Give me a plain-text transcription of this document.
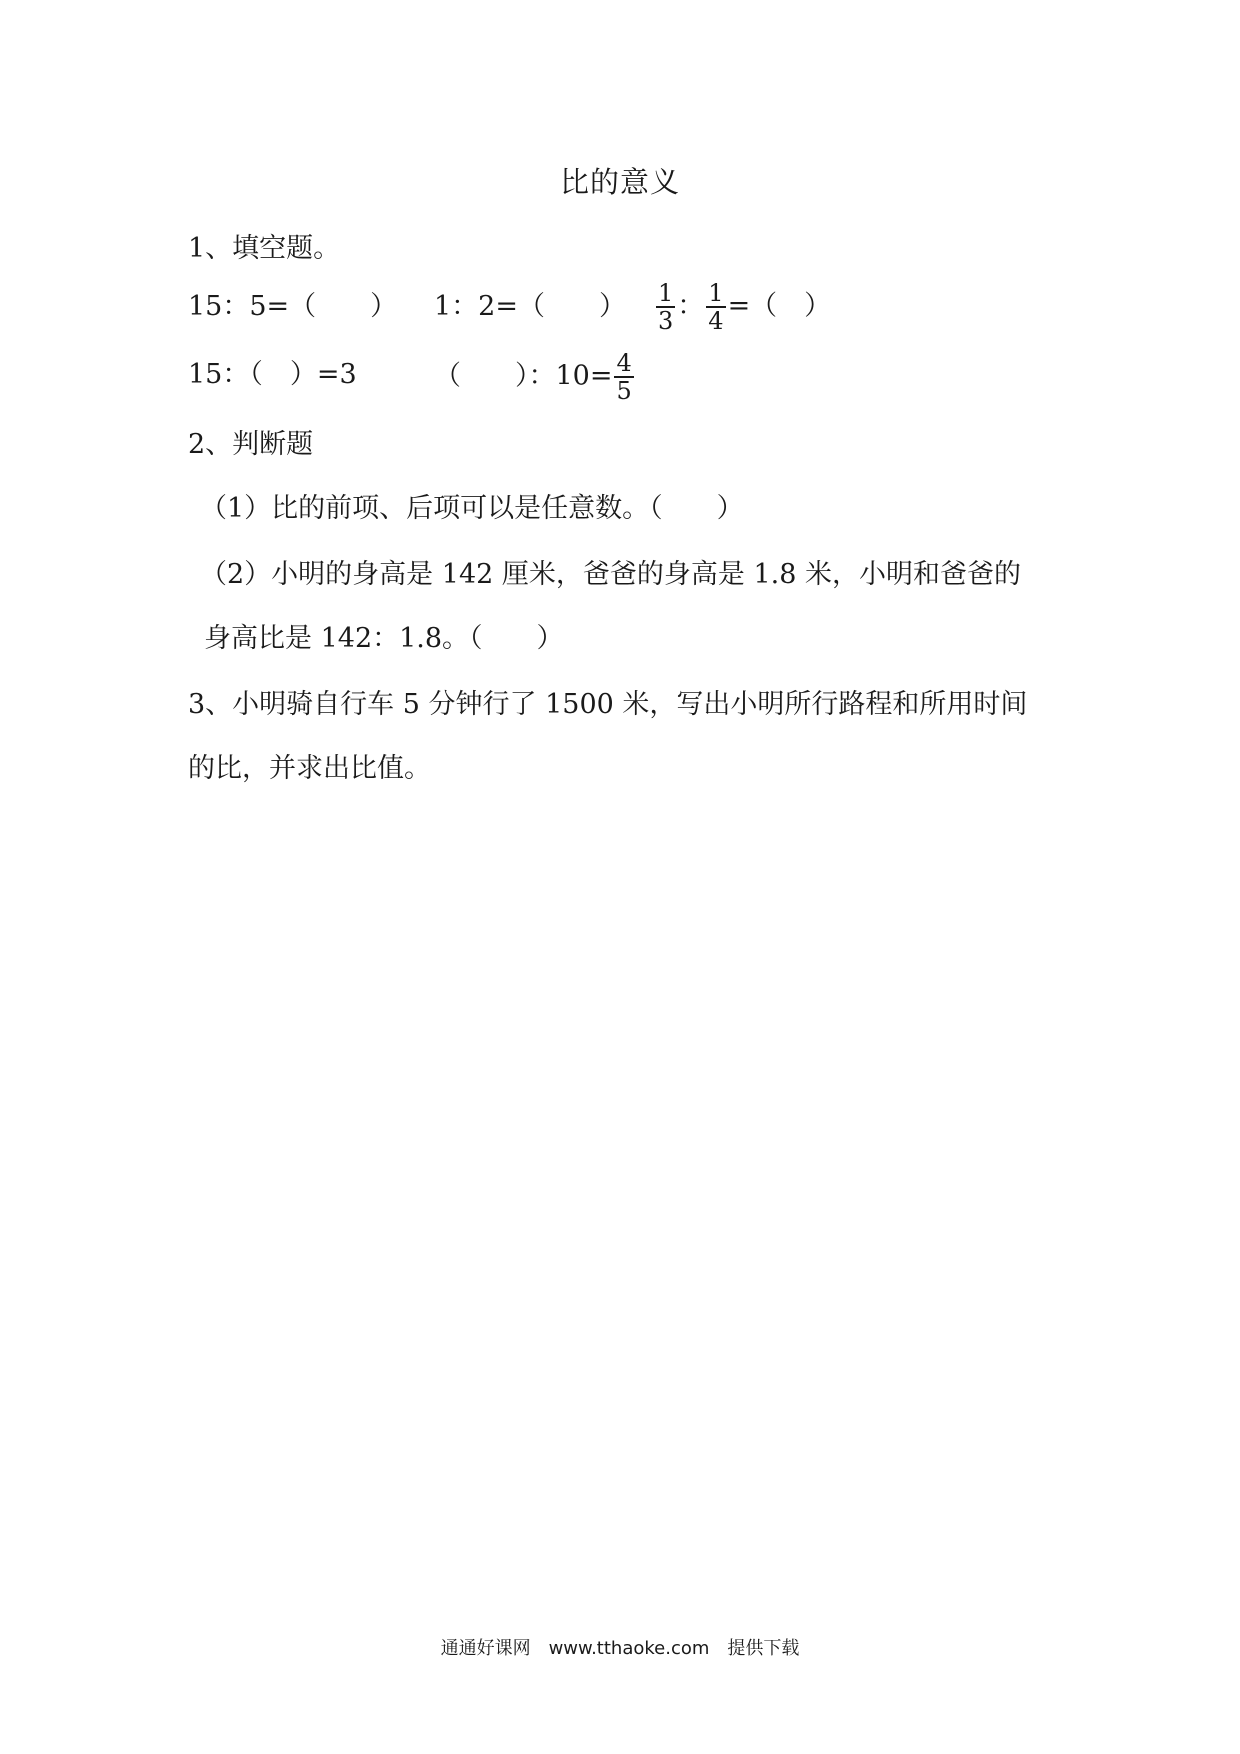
比的意义
1、填空题。
15：5=（　　） 1：2=（　　） $\frac{1}{3}$ ： $\frac{1}{4}$ =（　）
15：（　）=3	（　　）：$10= \frac{4}{5}$
2、判断题
（1）比的前项、后项可以是任意数。（　　）
（2）小明的身高是 142 厘米，爸爸的身高是 1.8 米，小明和爸爸的
身高比是 142：1.8。（　　）
3、小明骑自行车 5 分钟行了 1500 米，写出小明所行路程和所用时间
的比，并求出比值。
通通好课网　www.tthaoke.com　提供下载
